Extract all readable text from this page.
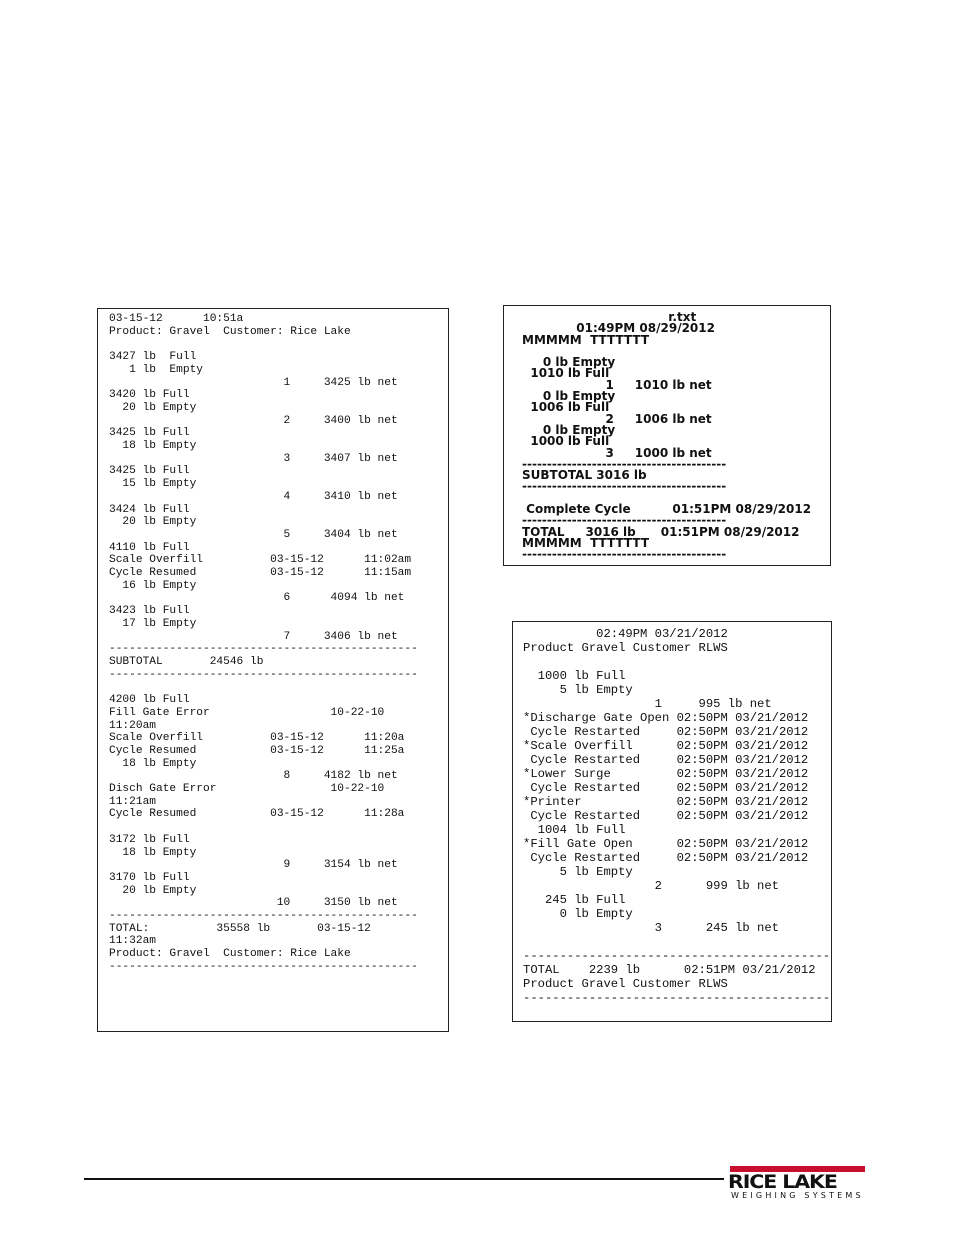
03-15-12      10:51a
Product: Gravel  Customer: Rice Lake

3427 lb  Full
1 lb  Empty
1     3425 lb net
3420 lb Full
20 lb Empty
2     3400 lb net
3425 lb Full
18 lb Empty
3     3407 lb net
3425 lb Full
15 lb Empty
4     3410 lb net
3424 lb Full
20 lb Empty
5     3404 lb net
4110 lb Full
Scale Overfill          03-15-12      11:02am
Cycle Resumed           03-15-12      11:15am
16 lb Empty
6      4094 lb net
3423 lb Full
17 lb Empty
7     3406 lb net
----------------------------------------------
SUBTOTAL       24546 lb
----------------------------------------------

4200 lb Full
Fill Gate Error                  10-22-10
11:20am
Scale Overfill          03-15-12      11:20a
Cycle Resumed           03-15-12      11:25a
18 lb Empty
8     4182 lb net
Disch Gate Error                 10-22-10
11:21am
Cycle Resumed           03-15-12      11:28a

3172 lb Full
18 lb Empty
9     3154 lb net
3170 lb Full
20 lb Empty
10     3150 lb net
----------------------------------------------
TOTAL:          35558 lb       03-15-12
11:32am
Product: Gravel  Customer: Rice Lake
----------------------------------------------
r.txt
01:49PM 08/29/2012
MMMMM  TTTTTTT

0 lb Empty
1010 lb Full
1     1010 lb net
0 lb Empty
1006 lb Full
2     1006 lb net
0 lb Empty
1000 lb Full
3     1000 lb net
-----------------------------------------
SUBTOTAL 3016 lb
-----------------------------------------

Complete Cycle          01:51PM 08/29/2012
-----------------------------------------
TOTAL     3016 lb      01:51PM 08/29/2012
MMMMM  TTTTTTT
-----------------------------------------
02:49PM 03/21/2012
Product Gravel Customer RLWS

1000 lb Full
5 lb Empty
1     995 lb net
*Discharge Gate Open 02:50PM 03/21/2012
Cycle Restarted     02:50PM 03/21/2012
*Scale Overfill      02:50PM 03/21/2012
Cycle Restarted     02:50PM 03/21/2012
*Lower Surge         02:50PM 03/21/2012
Cycle Restarted     02:50PM 03/21/2012
*Printer             02:50PM 03/21/2012
Cycle Restarted     02:50PM 03/21/2012
1004 lb Full
*Fill Gate Open      02:50PM 03/21/2012
Cycle Restarted     02:50PM 03/21/2012
5 lb Empty
2      999 lb net
245 lb Full
0 lb Empty
3      245 lb net

------------------------------------------
TOTAL    2239 lb      02:51PM 03/21/2012
Product Gravel Customer RLWS
------------------------------------------
RICE LAKE
WEIGHING SYSTEMS
